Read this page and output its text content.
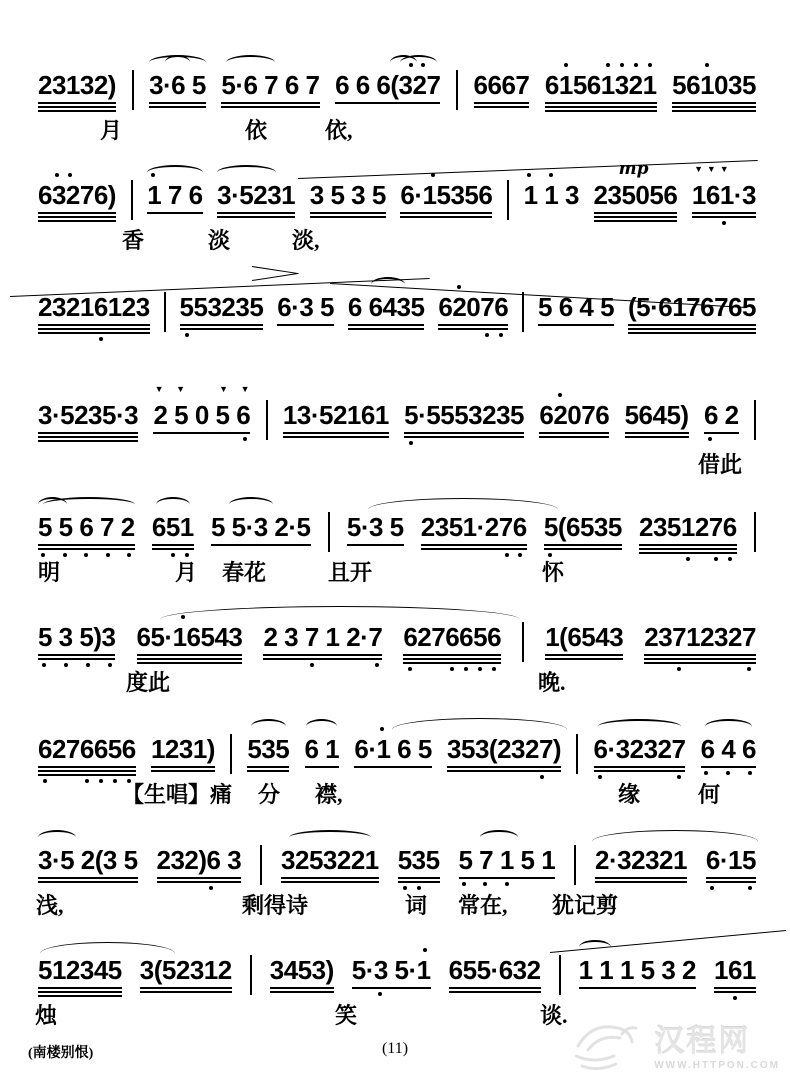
(南楼别恨)	(11)	汉程网
WWW.HTTPON.COM
23132) 3·6 5 5·6 7 6 7 6 6 6(327 6667 61561321 561035
月	依	依,
63276) 1 7 6 3·5231 3 5 3 5 6·15356 1 1 3 235056
mp
161·3
▼ ▼ ▼
香	淡	淡,
23216123 553235 6·3 5 6 6435 62076 5 6 4 5 (5·6176765
3·5235·3 2 5 0 5 6
▼ ▼	▼ ▼
13·52161 5·5553235 62076 5645) 6 2
借此
5 5 6 7 2 651 5 5·3 2·5 5·3 5 2351·276 5(6535 2351276
明	月 春花	且开	怀
5 3 5)3 65·16543 2 3 7 1 2·7 6276656 1(6543 23712327
度此	晚.
6276656 1231) 535 6 1 6·1 6 5 353(2327) 6·32327 6 4 6
【生唱】痛 分 襟,	缘	何
3·5 2(3 5 232)6 3 3253221 535 5 7 1 5 1 2·32321 6·15
浅,	剩得诗	词 常在, 犹记剪
512345 3(52312 3453) 5·3 5·1 655·632 1 1 1 5 3 2 161
烛	笑	谈.
